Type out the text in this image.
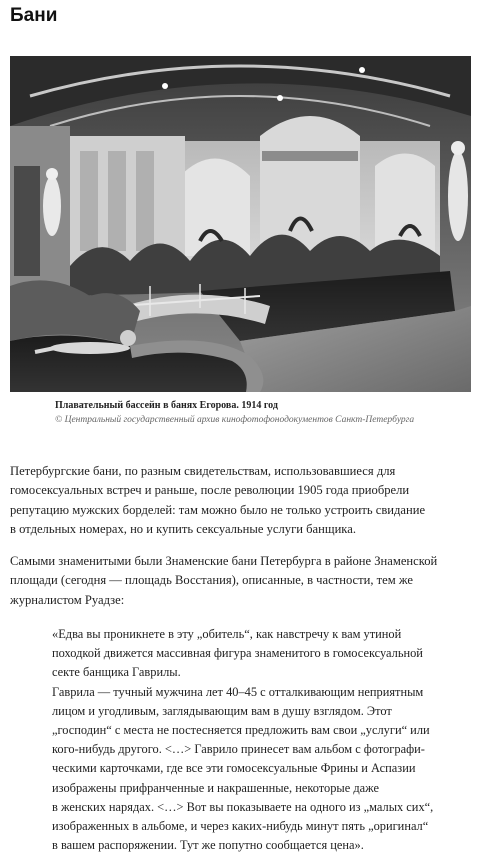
Бани
Плавательный бассейн в банях Егорова. 1914 год
© Центральный государственный архив кинофотофонодокументов Санкт-Петербурга

Петербургские бани, по разным свидетельствам, использовавшиеся для
гомосексуальных встреч и раньше, после революции 1905 года приобрели
репутацию мужских борделей: там можно было не только устроить свидание
в отдельных номерах, но и купить сексуальные услуги банщика.

Самыми знаменитыми были Знаменские бани Петербурга в районе Знаменской
площади (сегодня — площадь Восстания), описанные, в частности, тем же
журналистом Руадзе:

«Едва вы проникнете в эту „обитель“, как навстречу к вам утиной
походкой движется массивная фигура знаменитого в гомосексуальной
секте банщика Гаврилы.
Гаврила — тучный мужчина лет 40–45 с отталкивающим неприятным
лицом и угодливым, заглядывающим вам в душу взглядом. Этот
„господин“ с места не постесняется предложить вам свои „услуги“ или
кого-нибудь другого. <…> Гаврило принесет вам альбом с фотографи-
ческими карточками, где все эти гомосексуальные Фрины и Аспазии
изображены прифранченные и накрашенные, некоторые даже
в женских нарядах. <…> Вот вы показываете на одного из „малых сих“,
изображенных в альбоме, и через каких-нибудь минут пять „оригинал“
в вашем распоряжении. Тут же попутно сообщается цена».
